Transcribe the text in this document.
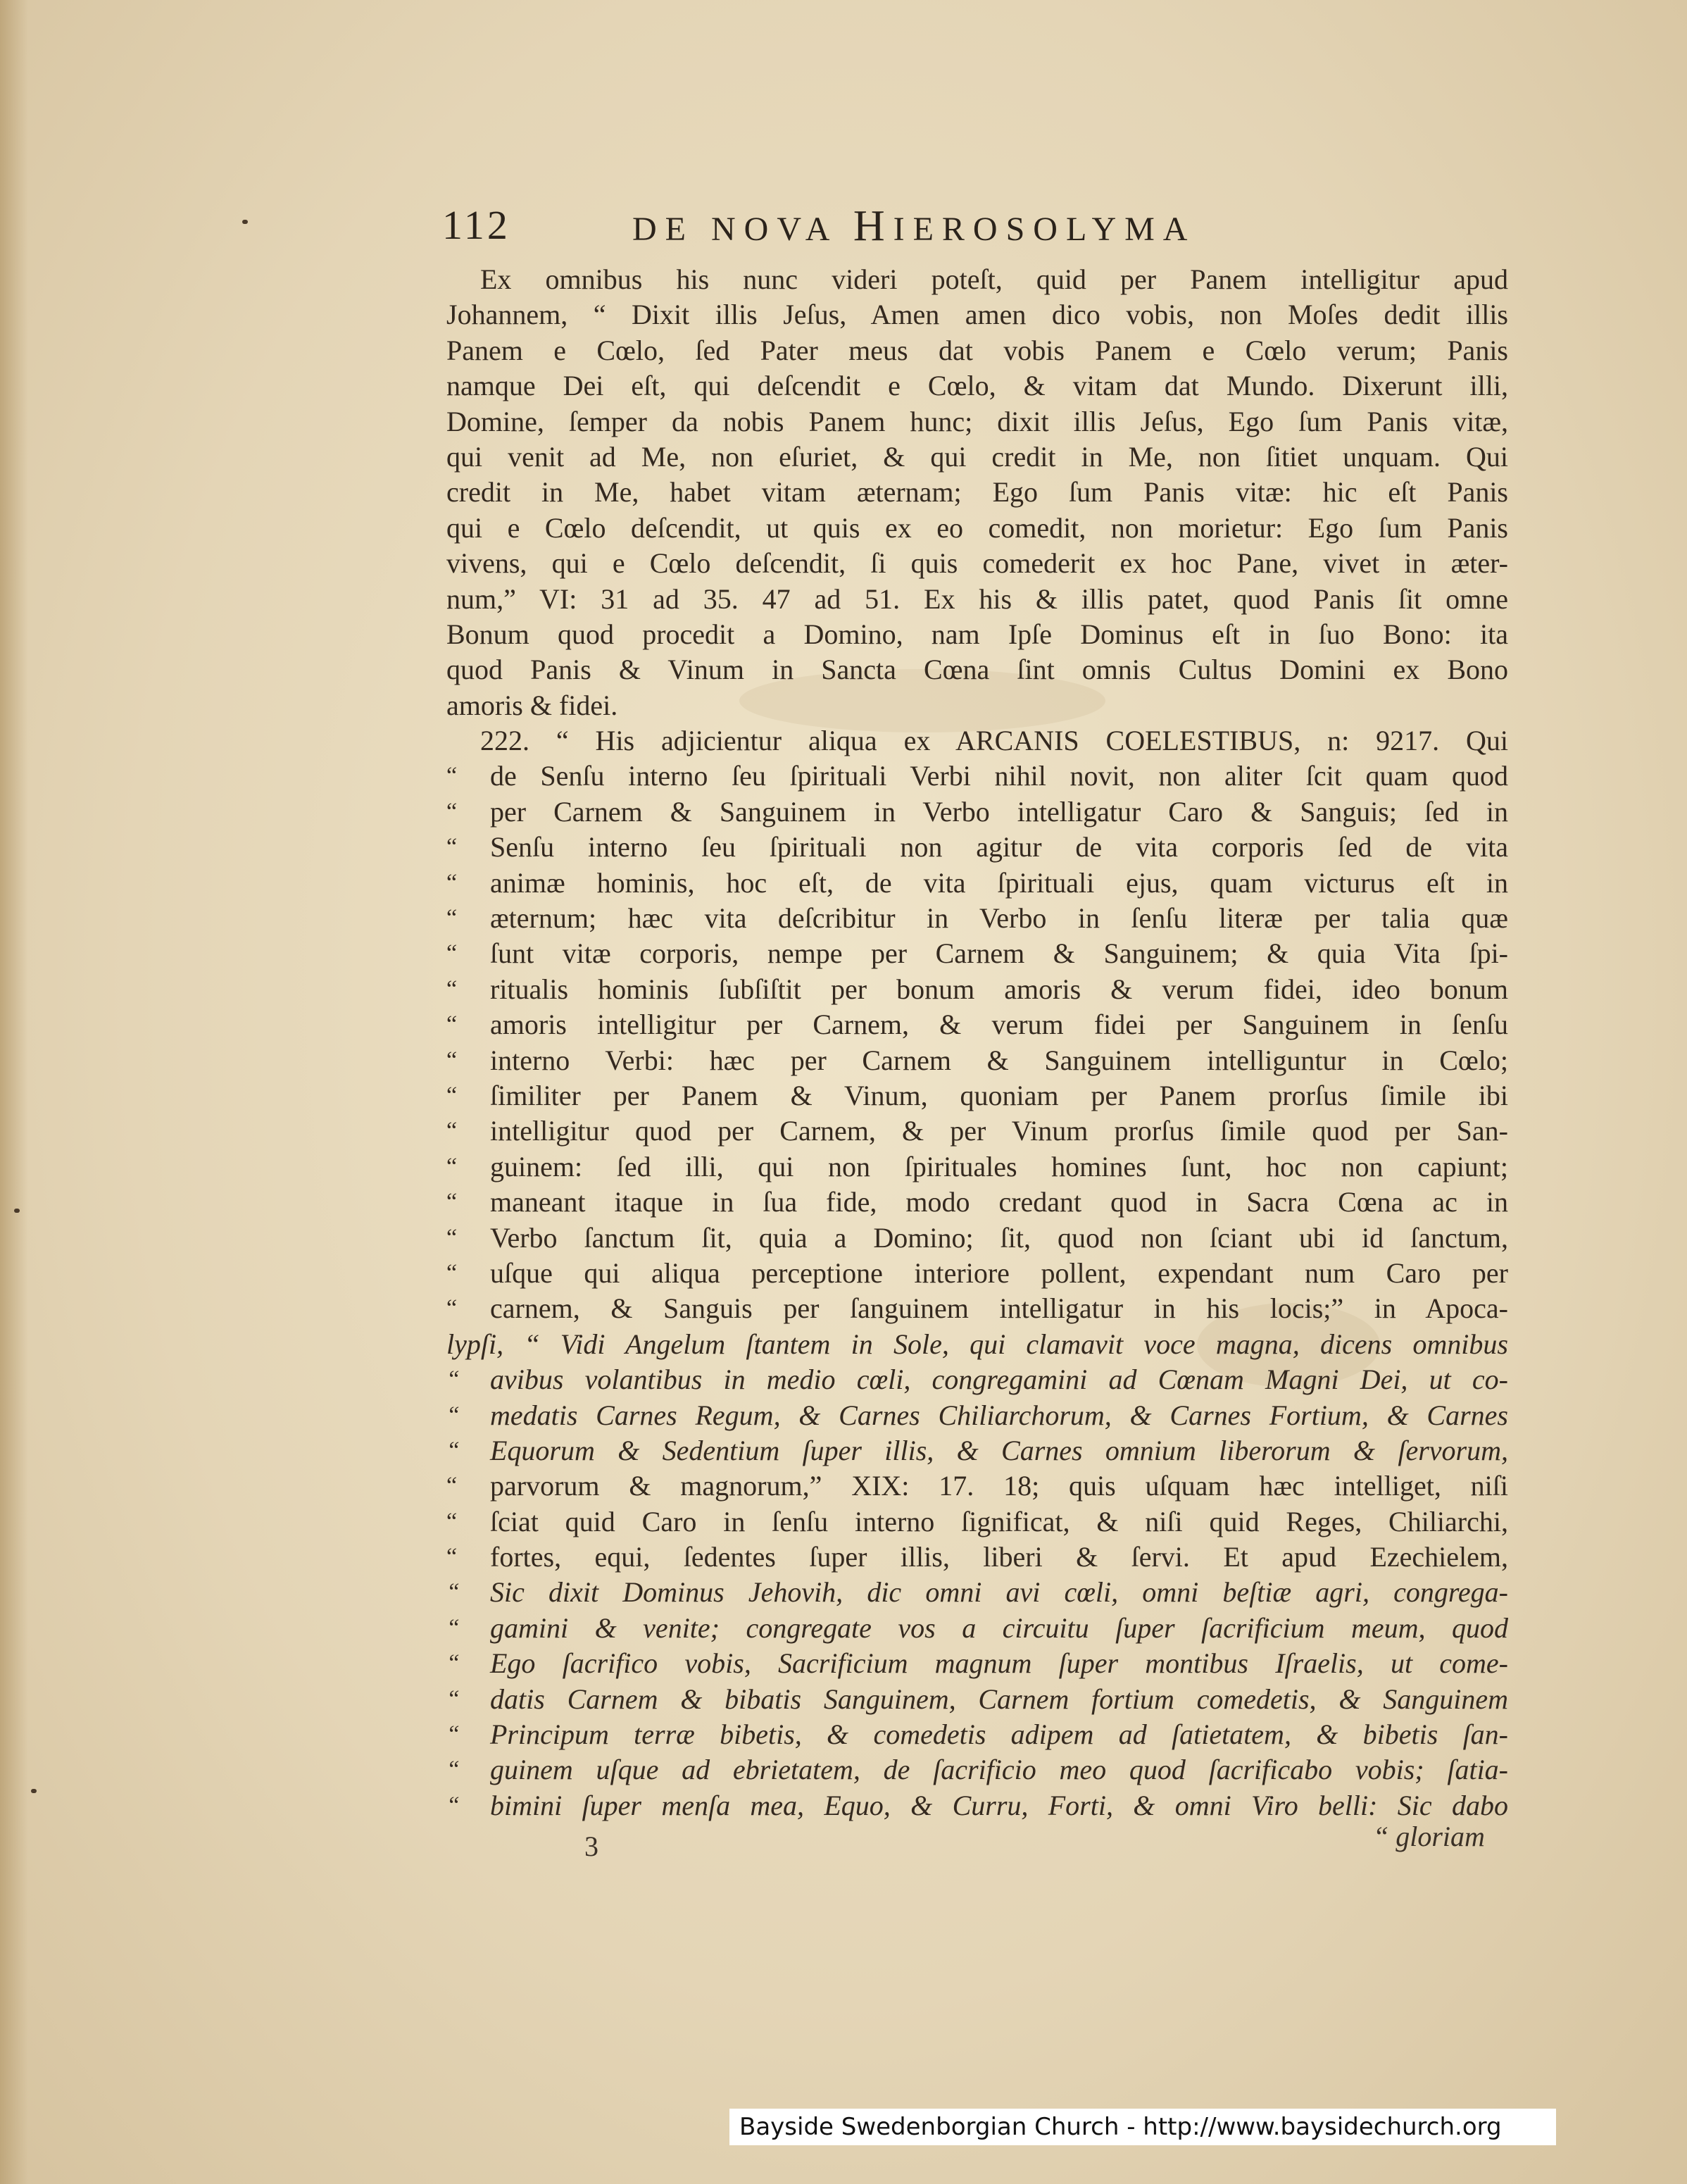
112	DE NOVA HIEROSOLYMA
Ex omnibus his nunc videri poteſt, quid per Panem intelligitur apud
Johannem, “ Dixit illis Jeſus, Amen amen dico vobis, non Moſes dedit illis
Panem e Cœlo, ſed Pater meus dat vobis Panem e Cœlo verum; Panis
namque Dei eſt, qui deſcendit e Cœlo, & vitam dat Mundo. Dixerunt illi,
Domine, ſemper da nobis Panem hunc; dixit illis Jeſus, Ego ſum Panis vitæ,
qui venit ad Me, non eſuriet, & qui credit in Me, non ſitiet unquam. Qui
credit in Me, habet vitam æternam; Ego ſum Panis vitæ: hic eſt Panis
qui e Cœlo deſcendit, ut quis ex eo comedit, non morietur: Ego ſum Panis
vivens, qui e Cœlo deſcendit, ſi quis comederit ex hoc Pane, vivet in æter-
num,” VI: 31 ad 35. 47 ad 51. Ex his & illis patet, quod Panis ſit omne
Bonum quod procedit a Domino, nam Ipſe Dominus eſt in ſuo Bono: ita
quod Panis & Vinum in Sancta Cœna ſint omnis Cultus Domini ex Bono
amoris & fidei.
222. “ His adjicientur aliqua ex ARCANIS COELESTIBUS, n: 9217. Qui
“ de Senſu interno ſeu ſpirituali Verbi nihil novit, non aliter ſcit quam quod
“ per Carnem & Sanguinem in Verbo intelligatur Caro & Sanguis; ſed in
“ Senſu interno ſeu ſpirituali non agitur de vita corporis ſed de vita
“ animæ hominis, hoc eſt, de vita ſpirituali ejus, quam victurus eſt in
“ æternum; hæc vita deſcribitur in Verbo in ſenſu literæ per talia quæ
“ ſunt vitæ corporis, nempe per Carnem & Sanguinem; & quia Vita ſpi-
“ ritualis hominis ſubſiſtit per bonum amoris & verum fidei, ideo bonum
“ amoris intelligitur per Carnem, & verum fidei per Sanguinem in ſenſu
“ interno Verbi: hæc per Carnem & Sanguinem intelliguntur in Cœlo;
“ ſimiliter per Panem & Vinum, quoniam per Panem prorſus ſimile ibi
“ intelligitur quod per Carnem, & per Vinum prorſus ſimile quod per San-
“ guinem: ſed illi, qui non ſpirituales homines ſunt, hoc non capiunt;
“ maneant itaque in ſua fide, modo credant quod in Sacra Cœna ac in
“ Verbo ſanctum ſit, quia a Domino; ſit, quod non ſciant ubi id ſanctum,
“ uſque qui aliqua perceptione interiore pollent, expendant num Caro per
“ carnem, & Sanguis per ſanguinem intelligatur in his locis;” in Apoca-
lypſi, “ Vidi Angelum ſtantem in Sole, qui clamavit voce magna, dicens omnibus
“ avibus volantibus in medio cœli, congregamini ad Cœnam Magni Dei, ut co-
“ medatis Carnes Regum, & Carnes Chiliarchorum, & Carnes Fortium, & Carnes
“ Equorum & Sedentium ſuper illis, & Carnes omnium liberorum & ſervorum,
“ parvorum & magnorum,” XIX: 17. 18; quis uſquam hæc intelliget, niſi
“ ſciat quid Caro in ſenſu interno ſignificat, & niſi quid Reges, Chiliarchi,
“ fortes, equi, ſedentes ſuper illis, liberi & ſervi. Et apud Ezechielem,
“ Sic dixit Dominus Jehovih, dic omni avi cœli, omni beſtiæ agri, congrega-
“ gamini & venite; congregate vos a circuitu ſuper ſacrificium meum, quod
“ Ego ſacrifico vobis, Sacrificium magnum ſuper montibus Iſraelis, ut come-
“ datis Carnem & bibatis Sanguinem, Carnem fortium comedetis, & Sanguinem
“ Principum terræ bibetis, & comedetis adipem ad ſatietatem, & bibetis ſan-
“ guinem uſque ad ebrietatem, de ſacrificio meo quod ſacrificabo vobis; ſatia-
“ bimini ſuper menſa mea, Equo, & Curru, Forti, & omni Viro belli: Sic dabo
3	“ gloriam
Bayside Swedenborgian Church - http://www.baysidechurch.org
